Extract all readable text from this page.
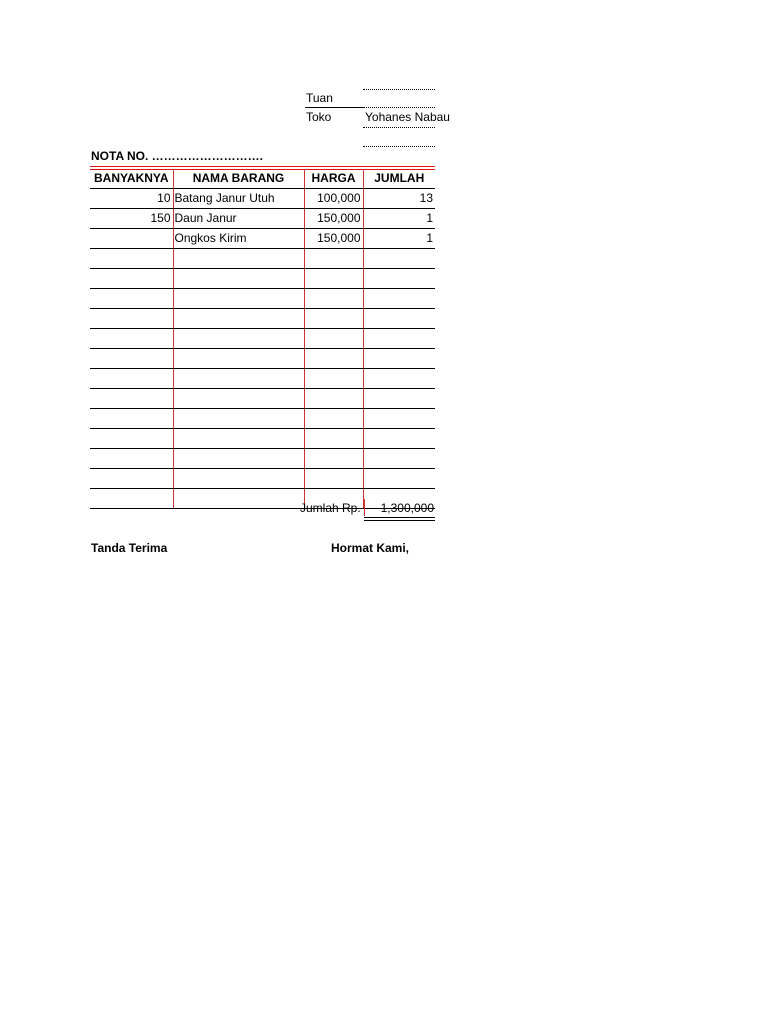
Tuan
Toko	Yohanes Nabau
NOTA NO. ……………………….
BANYAKNYA	NAMA BARANG	HARGA	JUMLAH
10	Batang Janur Utuh	100,000	13
150	Daun Janur	150,000	1
	Ongkos Kirim	150,000	1

Jumlah Rp.	1,300,000
Tanda Terima	Hormat Kami,
